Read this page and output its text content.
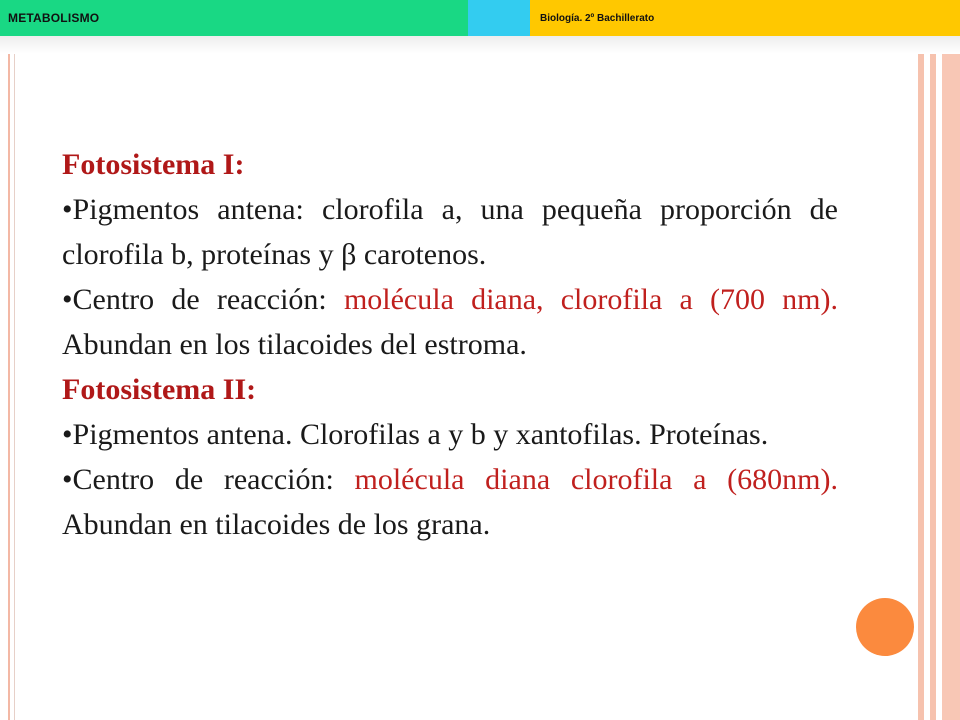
METABOLISMO	Biología. 2º Bachillerato

Fotosistema I:

•Pigmentos antena: clorofila a, una pequeña proporción de clorofila b, proteínas y β carotenos.

•Centro de reacción: molécula diana, clorofila a (700 nm). Abundan en los tilacoides del estroma.

Fotosistema II:

•Pigmentos antena. Clorofilas a y b y xantofilas. Proteínas.

•Centro de reacción: molécula diana clorofila a (680nm). Abundan en tilacoides de los grana.
